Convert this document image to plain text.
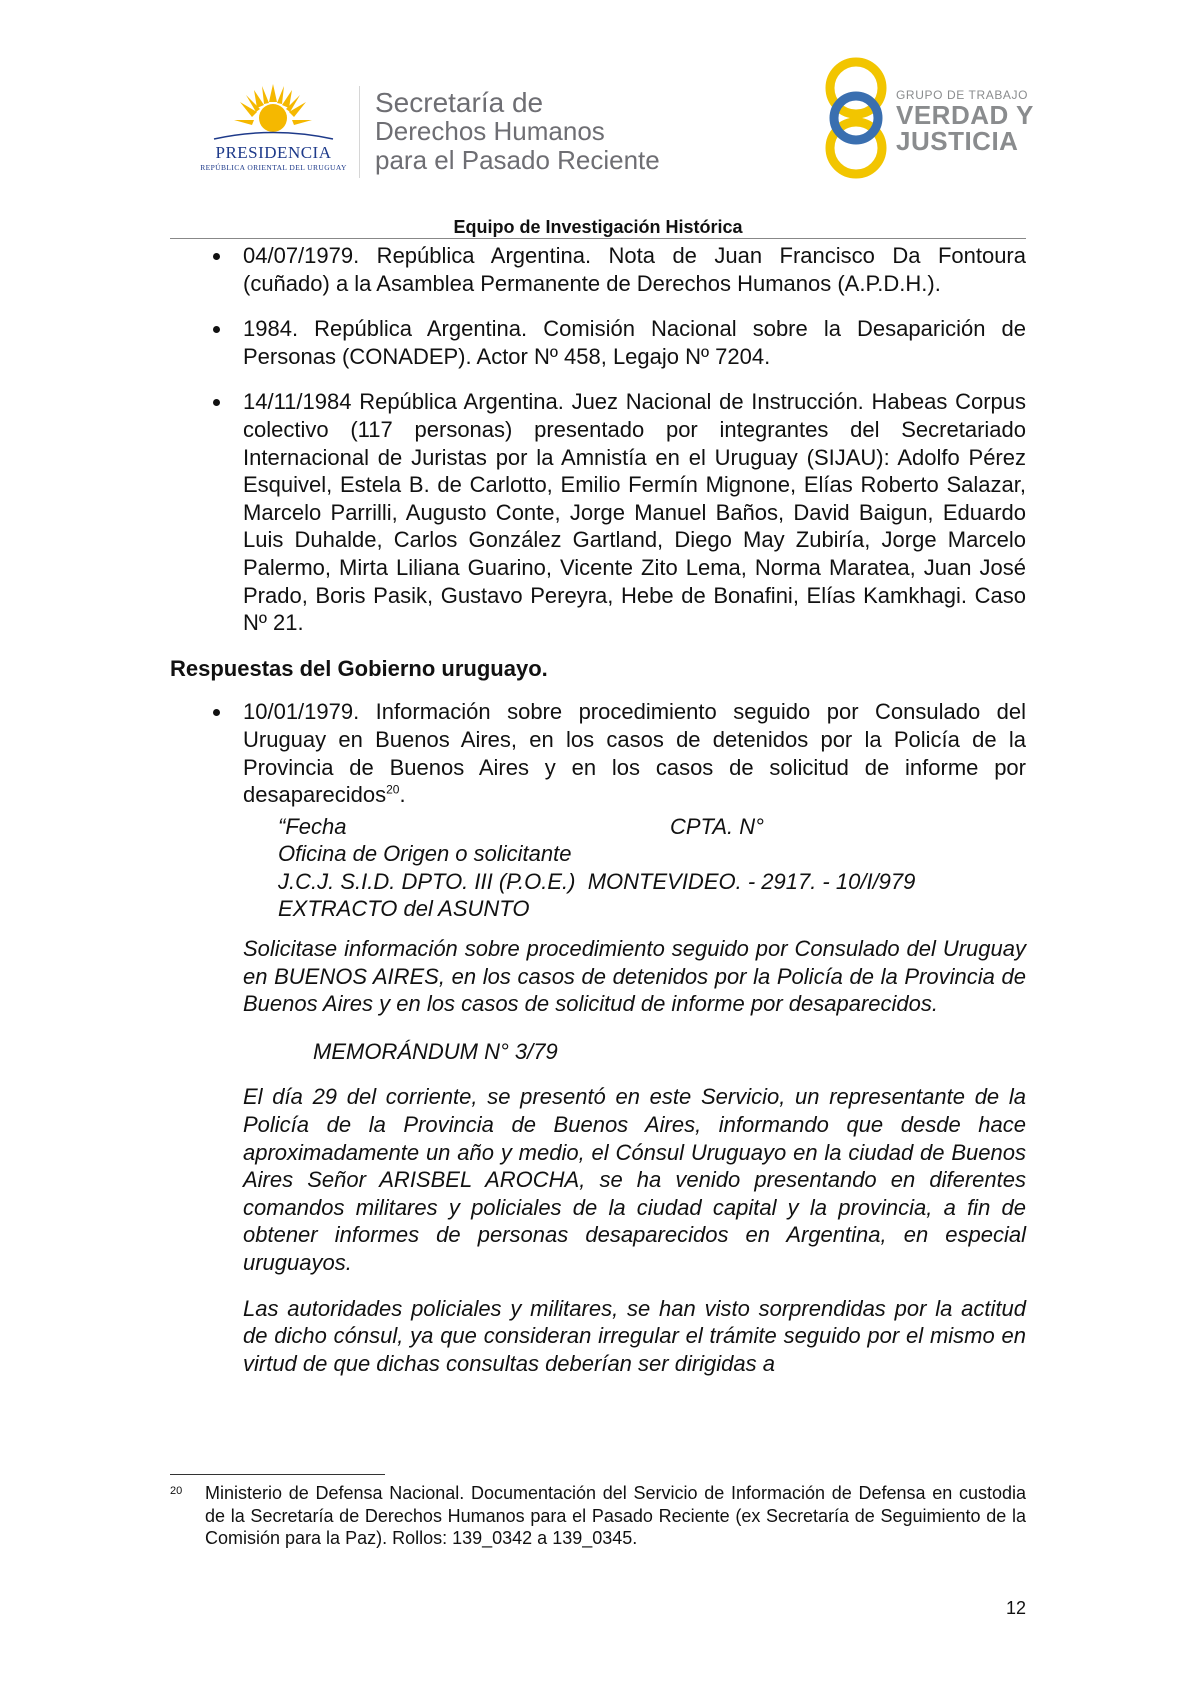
PRESIDENCIA
REPÚBLICA ORIENTAL DEL URUGUAY
Secretaría de
Derechos Humanos
para el Pasado Reciente
GRUPO DE TRABAJO
VERDAD Y
JUSTICIA
Equipo de Investigación Histórica
04/07/1979. República Argentina. Nota de Juan Francisco Da Fontoura (cuñado) a la Asamblea Permanente de Derechos Humanos (A.P.D.H.).
1984. República Argentina. Comisión Nacional sobre la Desaparición de Personas (CONADEP). Actor Nº 458, Legajo Nº 7204.
14/11/1984 República Argentina. Juez Nacional de Instrucción. Habeas Corpus colectivo (117 personas) presentado por integrantes del Secretariado Internacional de Juristas por la Amnistía en el Uruguay (SIJAU): Adolfo Pérez Esquivel, Estela B. de Carlotto, Emilio Fermín Mignone, Elías Roberto Salazar, Marcelo Parrilli, Augusto Conte, Jorge Manuel Baños, David Baigun, Eduardo Luis Duhalde, Carlos González Gartland, Diego May Zubiría, Jorge Marcelo Palermo, Mirta Liliana Guarino, Vicente Zito Lema, Norma Maratea, Juan José Prado, Boris Pasik, Gustavo Pereyra, Hebe de Bonafini, Elías Kamkhagi. Caso Nº 21.
Respuestas del Gobierno uruguayo.
10/01/1979. Información sobre procedimiento seguido por Consulado del Uruguay en Buenos Aires, en los casos de detenidos por la Policía de la Provincia de Buenos Aires y en los casos de solicitud de informe por desaparecidos$^{20}$.
“Fecha	CPTA. N°
Oficina de Origen o solicitante
J.C.J. S.I.D. DPTO. III (P.O.E.) MONTEVIDEO. - 2917. - 10/I/979
EXTRACTO del ASUNTO
Solicitase información sobre procedimiento seguido por Consulado del Uruguay en BUENOS AIRES, en los casos de detenidos por la Policía de la Provincia de Buenos Aires y en los casos de solicitud de informe por desaparecidos.
MEMORÁNDUM N° 3/79
El día 29 del corriente, se presentó en este Servicio, un representante de la Policía de la Provincia de Buenos Aires, informando que desde hace aproximadamente un año y medio, el Cónsul Uruguayo en la ciudad de Buenos Aires Señor ARISBEL AROCHA, se ha venido presentando en diferentes comandos militares y policiales de la ciudad capital y la provincia, a fin de obtener informes de personas desaparecidos en Argentina, en especial uruguayos.
Las autoridades policiales y militares, se han visto sorprendidas por la actitud de dicho cónsul, ya que consideran irregular el trámite seguido por el mismo en virtud de que dichas consultas deberían ser dirigidas a
20	Ministerio de Defensa Nacional. Documentación del Servicio de Información de Defensa en custodia de la Secretaría de Derechos Humanos para el Pasado Reciente (ex Secretaría de Seguimiento de la Comisión para la Paz). Rollos: 139_0342 a 139_0345.
12
